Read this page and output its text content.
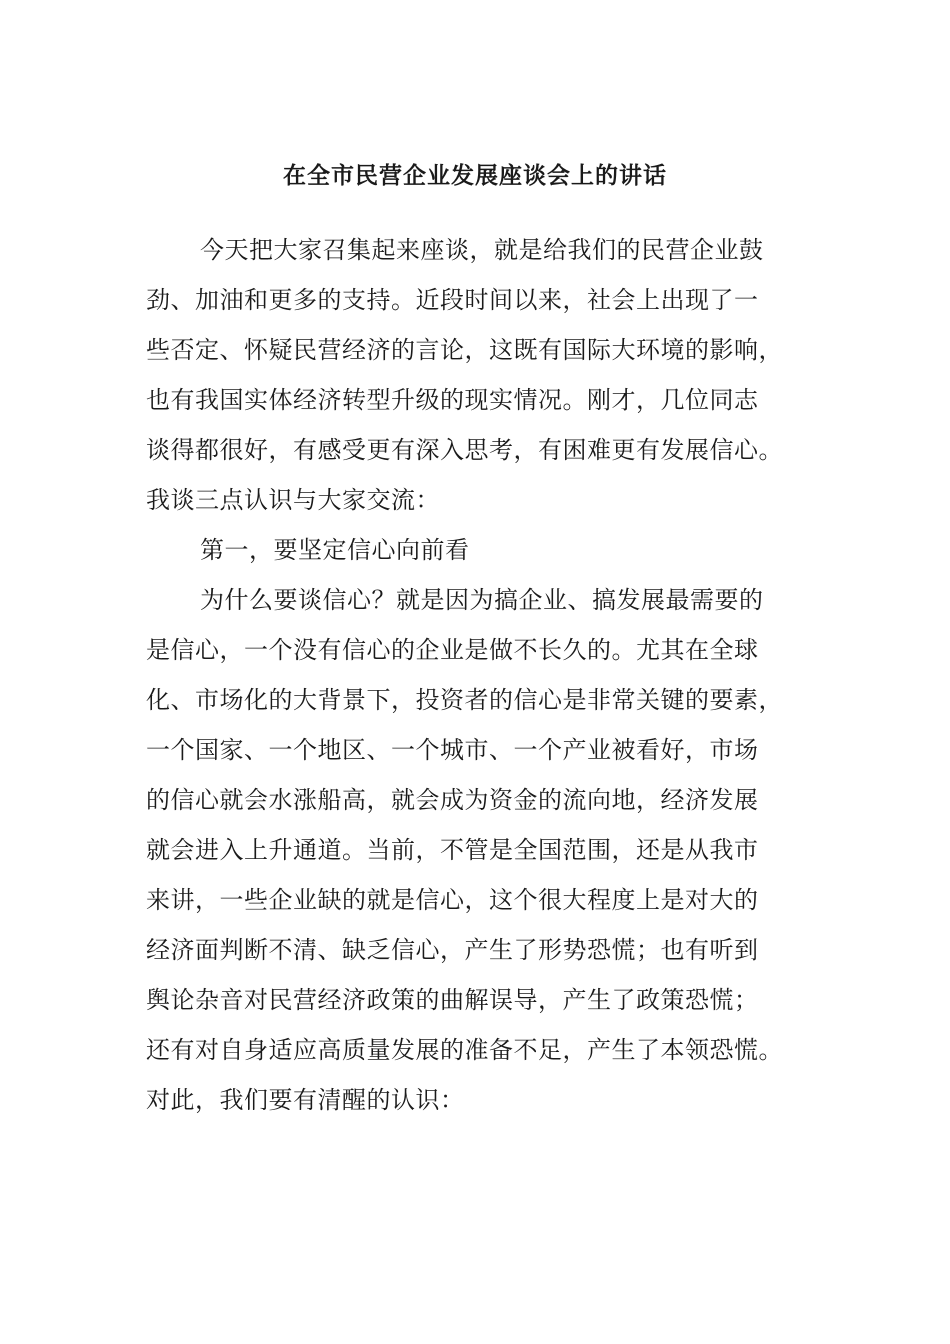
在全市民营企业发展座谈会上的讲话
今天把大家召集起来座谈，就是给我们的民营企业鼓
劲、加油和更多的支持。近段时间以来，社会上出现了一
些否定、怀疑民营经济的言论，这既有国际大环境的影响，
也有我国实体经济转型升级的现实情况。刚才，几位同志
谈得都很好，有感受更有深入思考，有困难更有发展信心。
我谈三点认识与大家交流：
第一，要坚定信心向前看
为什么要谈信心？就是因为搞企业、搞发展最需要的
是信心，一个没有信心的企业是做不长久的。尤其在全球
化、市场化的大背景下，投资者的信心是非常关键的要素，
一个国家、一个地区、一个城市、一个产业被看好，市场
的信心就会水涨船高，就会成为资金的流向地，经济发展
就会进入上升通道。当前，不管是全国范围，还是从我市
来讲，一些企业缺的就是信心，这个很大程度上是对大的
经济面判断不清、缺乏信心，产生了形势恐慌；也有听到
舆论杂音对民营经济政策的曲解误导，产生了政策恐慌；
还有对自身适应高质量发展的准备不足，产生了本领恐慌。
对此，我们要有清醒的认识：
